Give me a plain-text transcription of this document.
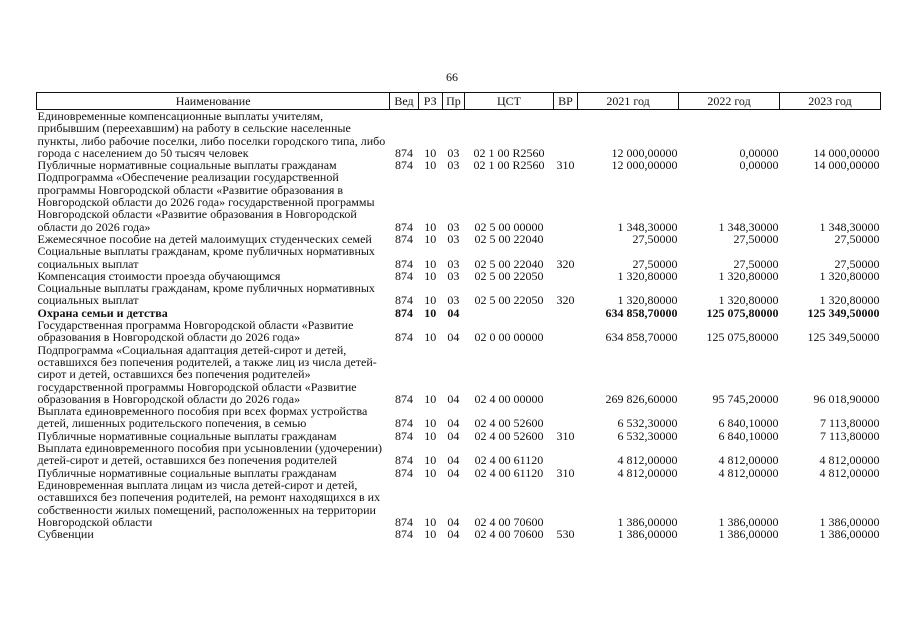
66
Наименование	Вед	РЗ	Пр	ЦСТ	ВР	2021 год	2022 год	2023 год
Единовременные компенсационные выплаты учителям, прибывшим (переехавшим) на работу в сельские населенные пункты, либо рабочие поселки, либо поселки городского типа, либо города с населением до 50 тысяч человек	874	10	03	02 1 00 R2560		12 000,00000	0,00000	14 000,00000
Публичные нормативные социальные выплаты гражданам	874	10	03	02 1 00 R2560	310	12 000,00000	0,00000	14 000,00000
Подпрограмма «Обеспечение реализации государственной программы Новгородской области «Развитие образования в Новгородской области до 2026 года» государственной программы Новгородской области «Развитие образования в Новгородской области до 2026 года»	874	10	03	02 5 00 00000		1 348,30000	1 348,30000	1 348,30000
Ежемесячное пособие на детей малоимущих студенческих семей	874	10	03	02 5 00 22040		27,50000	27,50000	27,50000
Социальные выплаты гражданам, кроме публичных нормативных социальных выплат	874	10	03	02 5 00 22040	320	27,50000	27,50000	27,50000
Компенсация стоимости проезда обучающимся	874	10	03	02 5 00 22050		1 320,80000	1 320,80000	1 320,80000
Социальные выплаты гражданам, кроме публичных нормативных социальных выплат	874	10	03	02 5 00 22050	320	1 320,80000	1 320,80000	1 320,80000
Охрана семьи и детства	874	10	04			634 858,70000	125 075,80000	125 349,50000
Государственная программа Новгородской области «Развитие образования в Новгородской области до 2026 года»	874	10	04	02 0 00 00000		634 858,70000	125 075,80000	125 349,50000
Подпрограмма «Социальная адаптация детей-сирот и детей, оставшихся без попечения родителей, а также лиц из числа детей-сирот и детей, оставшихся без попечения родителей» государственной программы Новгородской области «Развитие образования в Новгородской области до 2026 года»	874	10	04	02 4 00 00000		269 826,60000	95 745,20000	96 018,90000
Выплата единовременного пособия при всех формах устройства детей, лишенных родительского попечения, в семью	874	10	04	02 4 00 52600		6 532,30000	6 840,10000	7 113,80000
Публичные нормативные социальные выплаты гражданам	874	10	04	02 4 00 52600	310	6 532,30000	6 840,10000	7 113,80000
Выплата единовременного пособия при усыновлении (удочерении) детей-сирот и детей, оставшихся без попечения родителей	874	10	04	02 4 00 61120		4 812,00000	4 812,00000	4 812,00000
Публичные нормативные социальные выплаты гражданам	874	10	04	02 4 00 61120	310	4 812,00000	4 812,00000	4 812,00000
Единовременная выплата лицам из числа детей-сирот и детей, оставшихся без попечения родителей, на ремонт находящихся в их собственности жилых помещений, расположенных на территории Новгородской области	874	10	04	02 4 00 70600		1 386,00000	1 386,00000	1 386,00000
Субвенции	874	10	04	02 4 00 70600	530	1 386,00000	1 386,00000	1 386,00000
